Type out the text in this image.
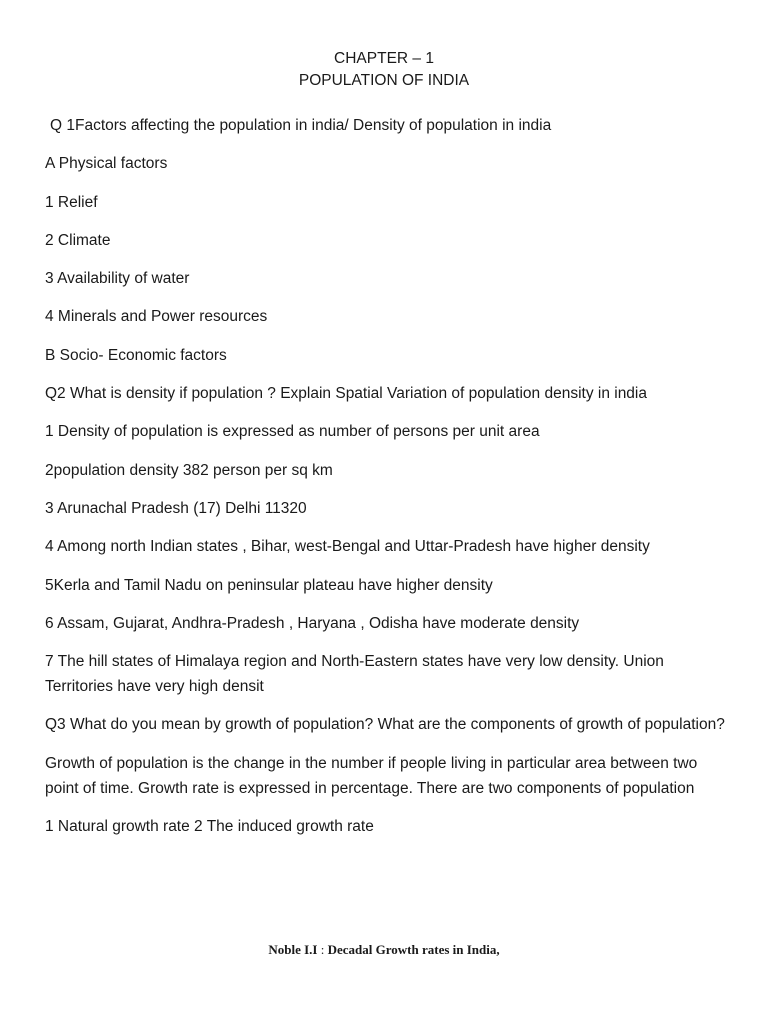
CHAPTER – 1
POPULATION OF INDIA

Q 1Factors affecting the population in india/ Density of population in india

A Physical factors

1 Relief

2 Climate

3 Availability of water

4 Minerals and Power resources

B Socio- Economic factors

Q2 What is density if population ? Explain Spatial Variation of population density in india

1 Density of population is expressed as number of persons per unit area

2population density 382 person per sq km

3 Arunachal Pradesh (17) Delhi 11320

4 Among north Indian states , Bihar, west-Bengal and Uttar-Pradesh have higher density

5Kerla and Tamil Nadu on peninsular plateau have higher density

6 Assam, Gujarat, Andhra-Pradesh , Haryana , Odisha have moderate density

7 The hill states of Himalaya region and North-Eastern states have very low density. Union Territories have very high densit

Q3 What do you mean by growth of population? What are the components of growth of population?

Growth of population is the change in the number if people living in particular area between two point of time. Growth rate is expressed in percentage. There are two components of population

1 Natural growth rate 2 The induced growth rate

Noble I.I : Decadal Growth rates in India,
